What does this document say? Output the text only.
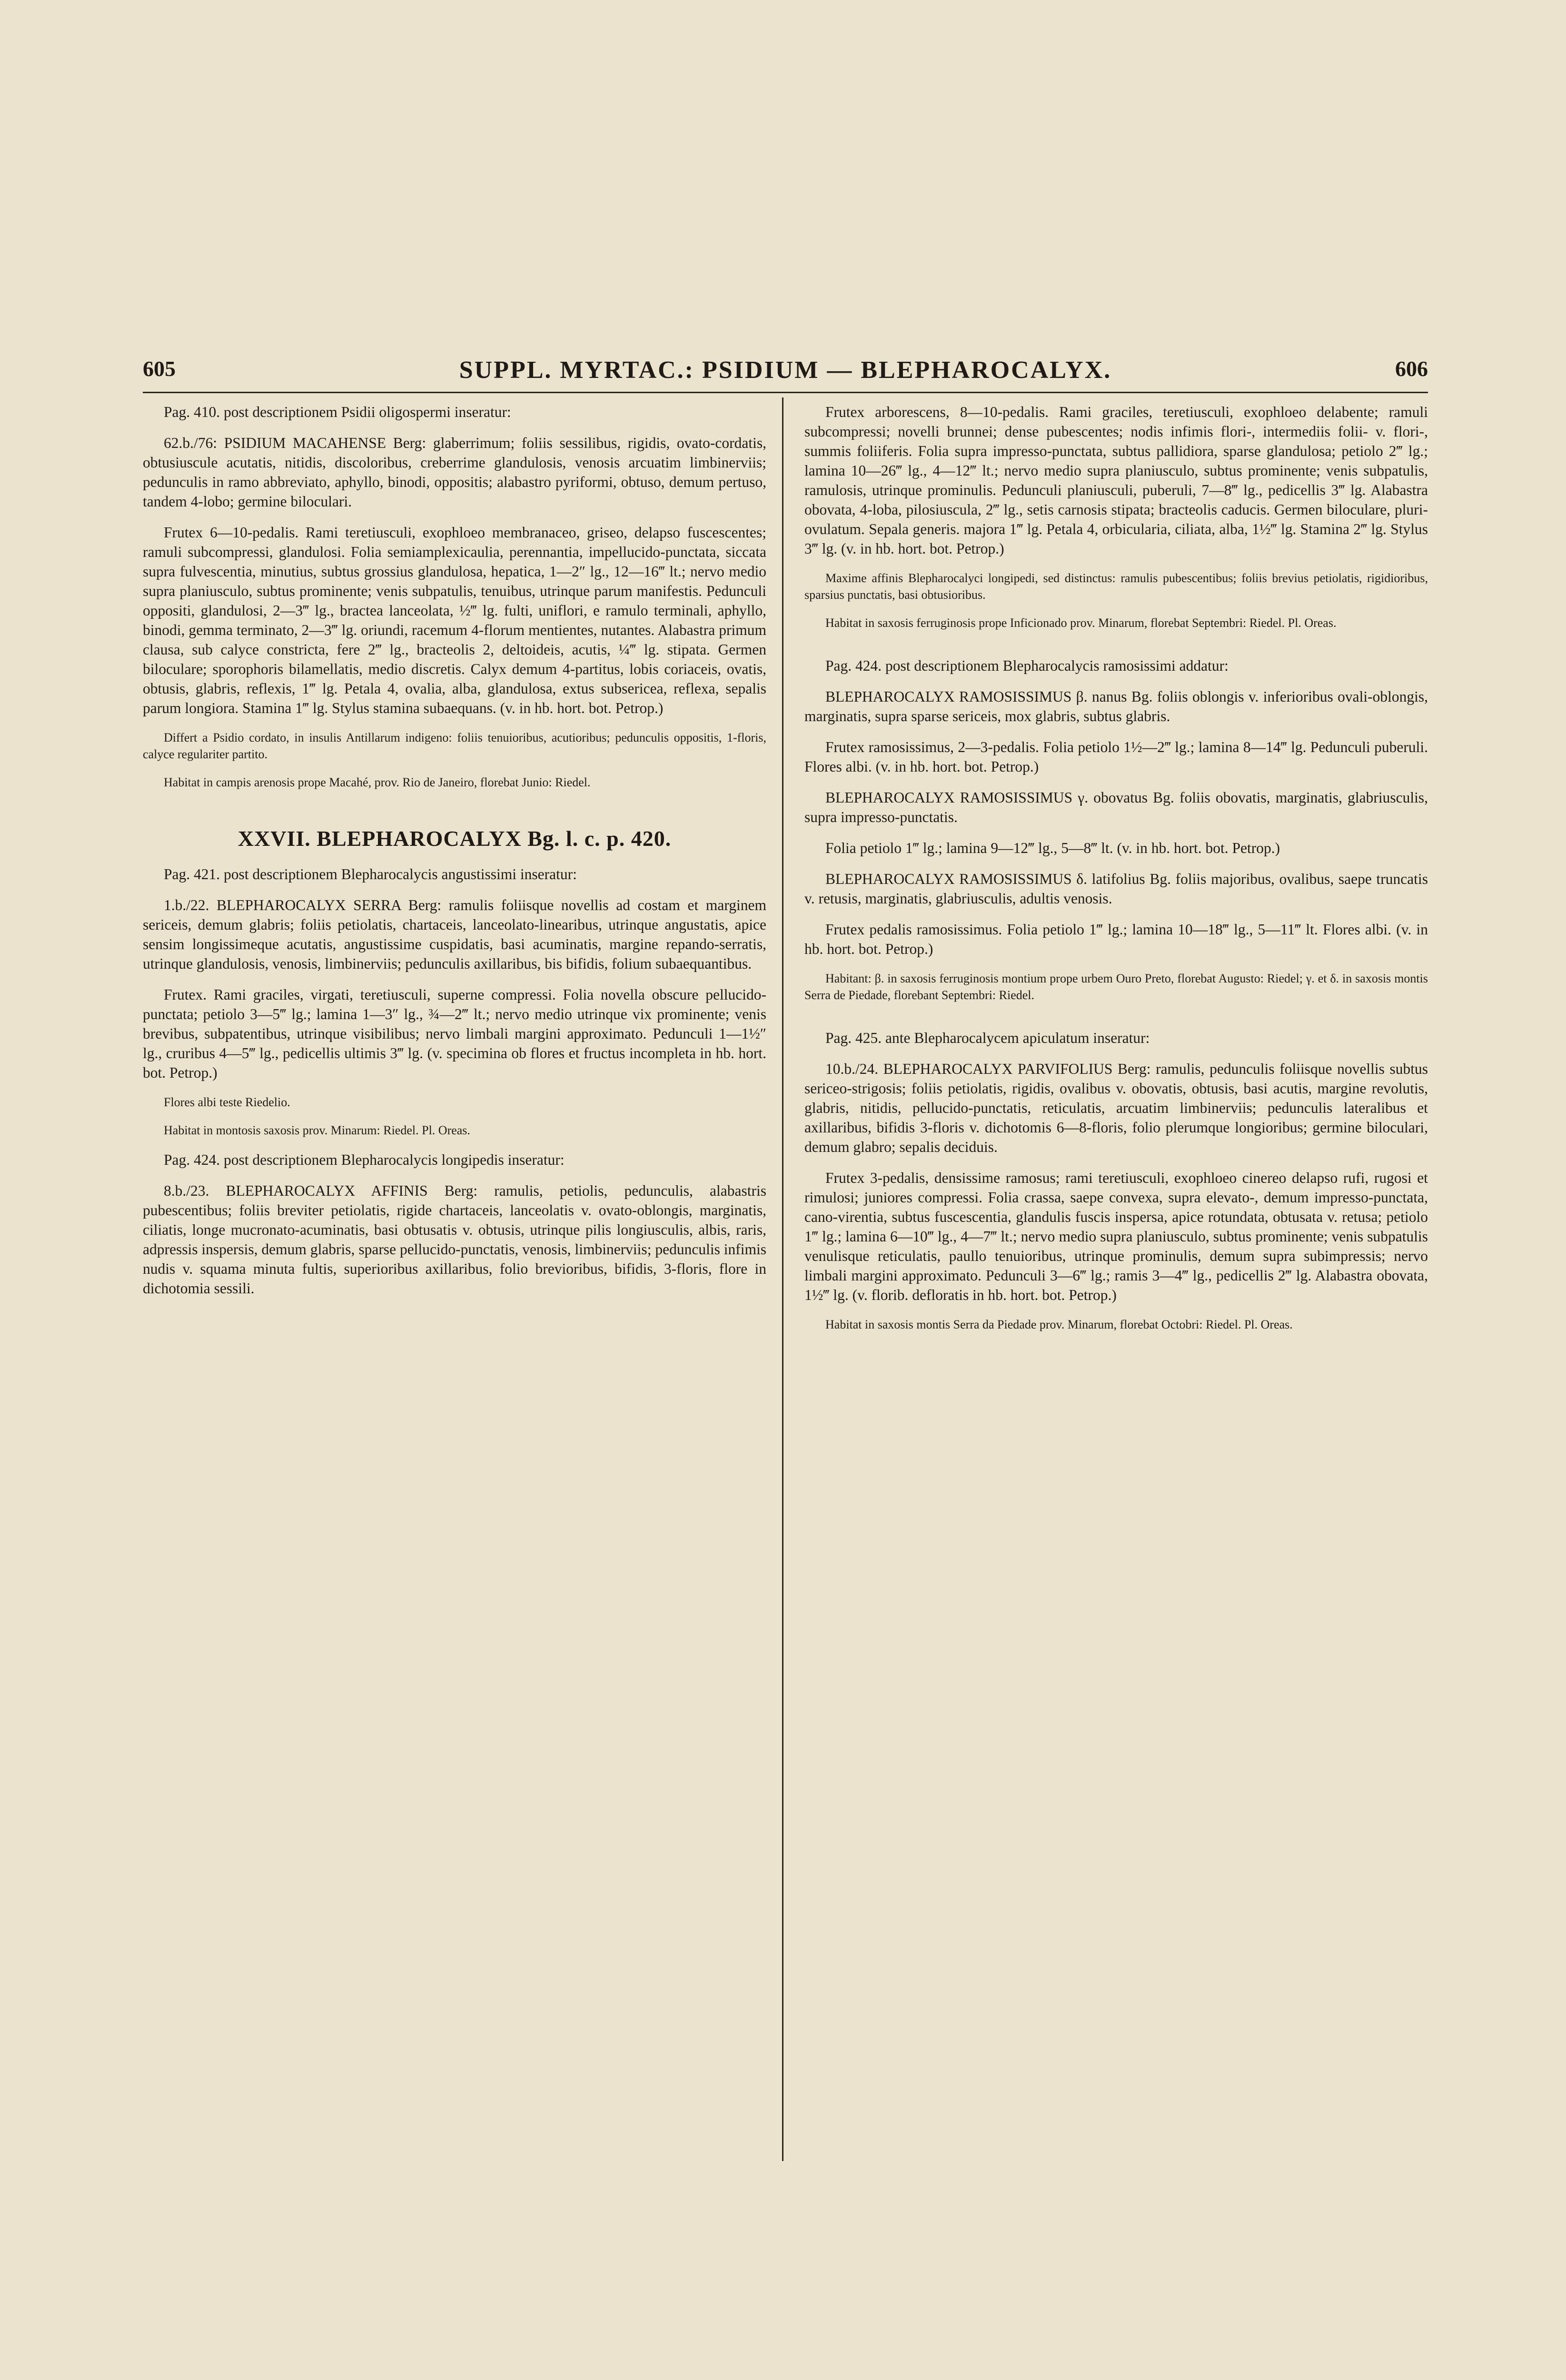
605	SUPPL. MYRTAC.: PSIDIUM — BLEPHAROCALYX.	606

Pag. 410. post descriptionem Psidii oligospermi inseratur:

62.b./76: PSIDIUM MACAHENSE Berg: glaberrimum; foliis sessilibus, rigidis, ovato-cordatis, obtusiuscule acutatis, nitidis, discoloribus, creberrime glandulosis, venosis arcuatim limbinerviis; pedunculis in ramo abbreviato, aphyllo, binodi, oppositis; alabastro pyriformi, obtuso, demum pertuso, tandem 4-lobo; germine biloculari.

Frutex 6—10-pedalis. Rami teretiusculi, exophloeo membranaceo, griseo, delapso fuscescentes; ramuli subcompressi, glandulosi. Folia semiamplexicaulia, perennantia, impellucido-punctata, siccata supra fulvescentia, minutius, subtus grossius glandulosa, hepatica, 1—2″ lg., 12—16‴ lt.; nervo medio supra planiusculo, subtus prominente; venis subpatulis, tenuibus, utrinque parum manifestis. Pedunculi oppositi, glandulosi, 2—3‴ lg., bractea lanceolata, ½‴ lg. fulti, uniflori, e ramulo terminali, aphyllo, binodi, gemma terminato, 2—3‴ lg. oriundi, racemum 4-florum mentientes, nutantes. Alabastra primum clausa, sub calyce constricta, fere 2‴ lg., bracteolis 2, deltoideis, acutis, ¼‴ lg. stipata. Germen biloculare; sporophoris bilamellatis, medio discretis. Calyx demum 4-partitus, lobis coriaceis, ovatis, obtusis, glabris, reflexis, 1‴ lg. Petala 4, ovalia, alba, glandulosa, extus subsericea, reflexa, sepalis parum longiora. Stamina 1‴ lg. Stylus stamina subaequans. (v. in hb. hort. bot. Petrop.)

Differt a Psidio cordato, in insulis Antillarum indigeno: foliis tenuioribus, acutioribus; pedunculis oppositis, 1-floris, calyce regulariter partito.

Habitat in campis arenosis prope Macahé, prov. Rio de Janeiro, florebat Junio: Riedel.

XXVII. BLEPHAROCALYX Bg. l. c. p. 420.

Pag. 421. post descriptionem Blepharocalycis angustissimi inseratur:

1.b./22. BLEPHAROCALYX SERRA Berg: ramulis foliisque novellis ad costam et marginem sericeis, demum glabris; foliis petiolatis, chartaceis, lanceolato-linearibus, utrinque angustatis, apice sensim longissimeque acutatis, angustissime cuspidatis, basi acuminatis, margine repando-serratis, utrinque glandulosis, venosis, limbinerviis; pedunculis axillaribus, bis bifidis, folium subaequantibus.

Frutex. Rami graciles, virgati, teretiusculi, superne compressi. Folia novella obscure pellucido-punctata; petiolo 3—5‴ lg.; lamina 1—3″ lg., ¾—2‴ lt.; nervo medio utrinque vix prominente; venis brevibus, subpatentibus, utrinque visibilibus; nervo limbali margini approximato. Pedunculi 1—1½″ lg., cruribus 4—5‴ lg., pedicellis ultimis 3‴ lg. (v. specimina ob flores et fructus incompleta in hb. hort. bot. Petrop.)

Flores albi teste Riedelio.

Habitat in montosis saxosis prov. Minarum: Riedel. Pl. Oreas.

Pag. 424. post descriptionem Blepharocalycis longipedis inseratur:

8.b./23. BLEPHAROCALYX AFFINIS Berg: ramulis, petiolis, pedunculis, alabastris pubescentibus; foliis breviter petiolatis, rigide chartaceis, lanceolatis v. ovato-oblongis, marginatis, ciliatis, longe mucronato-acuminatis, basi obtusatis v. obtusis, utrinque pilis longiusculis, albis, raris, adpressis inspersis, demum glabris, sparse pellucido-punctatis, venosis, limbinerviis; pedunculis infimis nudis v. squama minuta fultis, superioribus axillaribus, folio brevioribus, bifidis, 3-floris, flore in dichotomia sessili.

Frutex arborescens, 8—10-pedalis. Rami graciles, teretiusculi, exophloeo delabente; ramuli subcompressi; novelli brunnei; dense pubescentes; nodis infimis flori-, intermediis folii- v. flori-, summis foliiferis. Folia supra impresso-punctata, subtus pallidiora, sparse glandulosa; petiolo 2‴ lg.; lamina 10—26‴ lg., 4—12‴ lt.; nervo medio supra planiusculo, subtus prominente; venis subpatulis, ramulosis, utrinque prominulis. Pedunculi planiusculi, puberuli, 7—8‴ lg., pedicellis 3‴ lg. Alabastra obovata, 4-loba, pilosiuscula, 2‴ lg., setis carnosis stipata; bracteolis caducis. Germen biloculare, pluri-ovulatum. Sepala generis. majora 1‴ lg. Petala 4, orbicularia, ciliata, alba, 1½‴ lg. Stamina 2‴ lg. Stylus 3‴ lg. (v. in hb. hort. bot. Petrop.)

Maxime affinis Blepharocalyci longipedi, sed distinctus: ramulis pubescentibus; foliis brevius petiolatis, rigidioribus, sparsius punctatis, basi obtusioribus.

Habitat in saxosis ferruginosis prope Inficionado prov. Minarum, florebat Septembri: Riedel. Pl. Oreas.

Pag. 424. post descriptionem Blepharocalycis ramosissimi addatur:

BLEPHAROCALYX RAMOSISSIMUS β. nanus Bg. foliis oblongis v. inferioribus ovali-oblongis, marginatis, supra sparse sericeis, mox glabris, subtus glabris.

Frutex ramosissimus, 2—3-pedalis. Folia petiolo 1½—2‴ lg.; lamina 8—14‴ lg. Pedunculi puberuli. Flores albi. (v. in hb. hort. bot. Petrop.)

BLEPHAROCALYX RAMOSISSIMUS γ. obovatus Bg. foliis obovatis, marginatis, glabriusculis, supra impresso-punctatis.

Folia petiolo 1‴ lg.; lamina 9—12‴ lg., 5—8‴ lt. (v. in hb. hort. bot. Petrop.)

BLEPHAROCALYX RAMOSISSIMUS δ. latifolius Bg. foliis majoribus, ovalibus, saepe truncatis v. retusis, marginatis, glabriusculis, adultis venosis.

Frutex pedalis ramosissimus. Folia petiolo 1‴ lg.; lamina 10—18‴ lg., 5—11‴ lt. Flores albi. (v. in hb. hort. bot. Petrop.)

Habitant: β. in saxosis ferruginosis montium prope urbem Ouro Preto, florebat Augusto: Riedel; γ. et δ. in saxosis montis Serra de Piedade, florebant Septembri: Riedel.

Pag. 425. ante Blepharocalycem apiculatum inseratur:

10.b./24. BLEPHAROCALYX PARVIFOLIUS Berg: ramulis, pedunculis foliisque novellis subtus sericeo-strigosis; foliis petiolatis, rigidis, ovalibus v. obovatis, obtusis, basi acutis, margine revolutis, glabris, nitidis, pellucido-punctatis, reticulatis, arcuatim limbinerviis; pedunculis lateralibus et axillaribus, bifidis 3-floris v. dichotomis 6—8-floris, folio plerumque longioribus; germine biloculari, demum glabro; sepalis deciduis.

Frutex 3-pedalis, densissime ramosus; rami teretiusculi, exophloeo cinereo delapso rufi, rugosi et rimulosi; juniores compressi. Folia crassa, saepe convexa, supra elevato-, demum impresso-punctata, cano-virentia, subtus fuscescentia, glandulis fuscis inspersa, apice rotundata, obtusata v. retusa; petiolo 1‴ lg.; lamina 6—10‴ lg., 4—7‴ lt.; nervo medio supra planiusculo, subtus prominente; venis subpatulis venulisque reticulatis, paullo tenuioribus, utrinque prominulis, demum supra subimpressis; nervo limbali margini approximato. Pedunculi 3—6‴ lg.; ramis 3—4‴ lg., pedicellis 2‴ lg. Alabastra obovata, 1½‴ lg. (v. florib. defloratis in hb. hort. bot. Petrop.)

Habitat in saxosis montis Serra da Piedade prov. Minarum, florebat Octobri: Riedel. Pl. Oreas.
